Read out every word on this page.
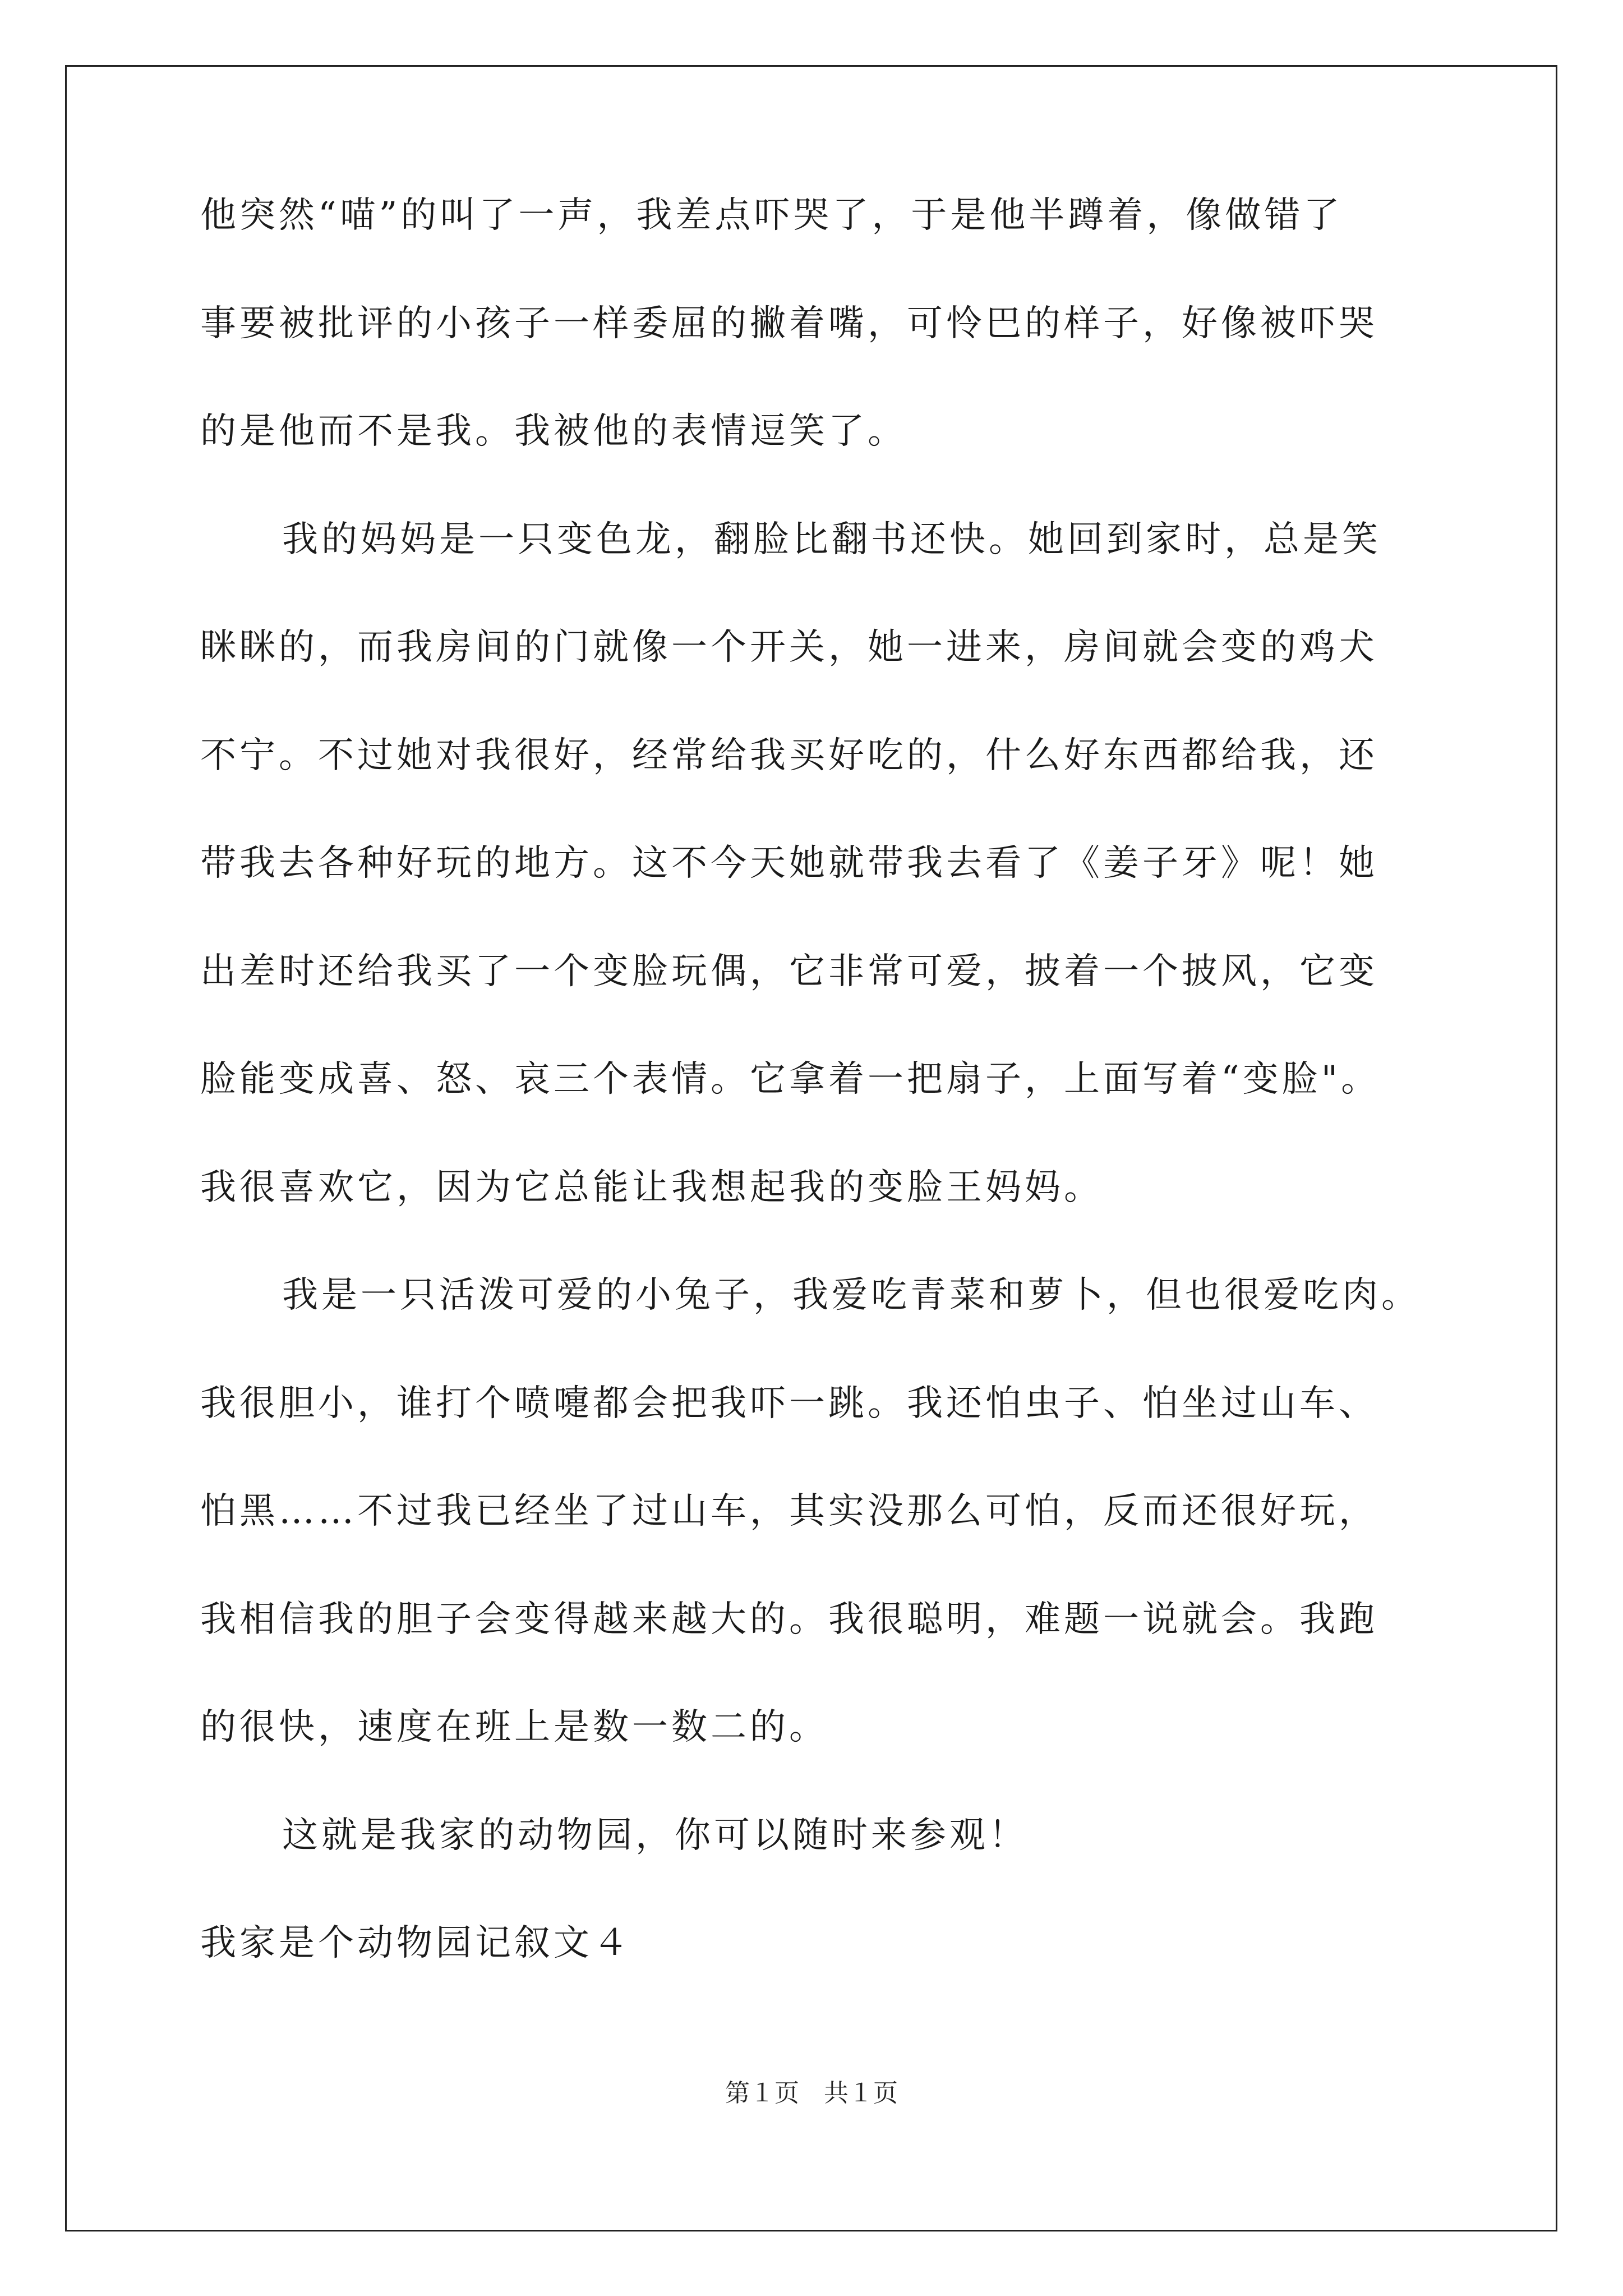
他突然“喵”的叫了一声，我差点吓哭了，于是他半蹲着，像做错了
事要被批评的小孩子一样委屈的撇着嘴，可怜巴的样子，好像被吓哭
的是他而不是我。我被他的表情逗笑了。
我的妈妈是一只变色龙，翻脸比翻书还快。她回到家时，总是笑
眯眯的，而我房间的门就像一个开关，她一进来，房间就会变的鸡犬
不宁。不过她对我很好，经常给我买好吃的，什么好东西都给我，还
带我去各种好玩的地方。这不今天她就带我去看了《姜子牙》呢！她
出差时还给我买了一个变脸玩偶，它非常可爱，披着一个披风，它变
脸能变成喜、怒、哀三个表情。它拿着一把扇子，上面写着“变脸"。
我很喜欢它，因为它总能让我想起我的变脸王妈妈。
我是一只活泼可爱的小兔子，我爱吃青菜和萝卜，但也很爱吃肉。
我很胆小，谁打个喷嚏都会把我吓一跳。我还怕虫子、怕坐过山车、
怕黑……不过我已经坐了过山车，其实没那么可怕，反而还很好玩，
我相信我的胆子会变得越来越大的。我很聪明，难题一说就会。我跑
的很快，速度在班上是数一数二的。
这就是我家的动物园，你可以随时来参观！
我家是个动物园记叙文４
第１页　共１页
